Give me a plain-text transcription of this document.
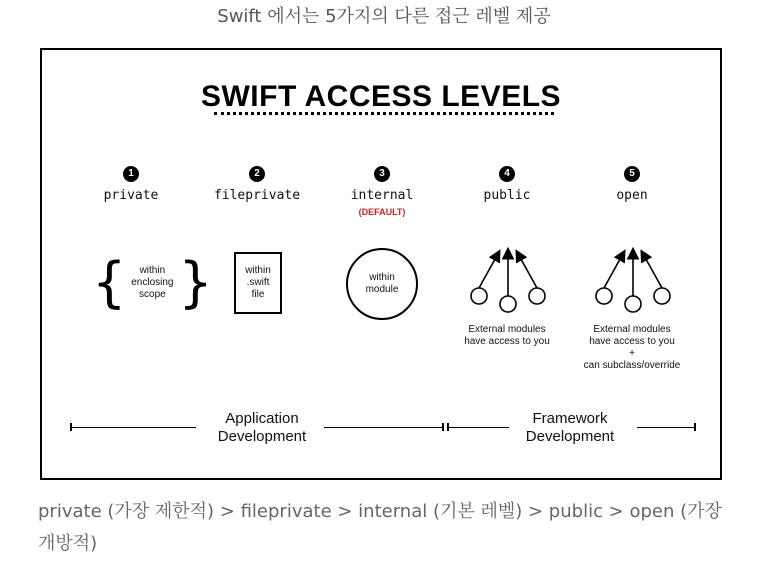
Swift 에서는 5가지의 다른 접근 레벨 제공
SWIFT ACCESS LEVELS
1
private
2
fileprivate
3
internal
(DEFAULT)
4
public
5
open
{	within
enclosing
scope }	within
.swift
file
within
module
External modules
have access to you
External modules
have access to you
+
can subclass/override
Application
Development
Framework
Development
private (가장 제한적) > fileprivate > internal (기본 레벨) > public > open (가장 개방적)
